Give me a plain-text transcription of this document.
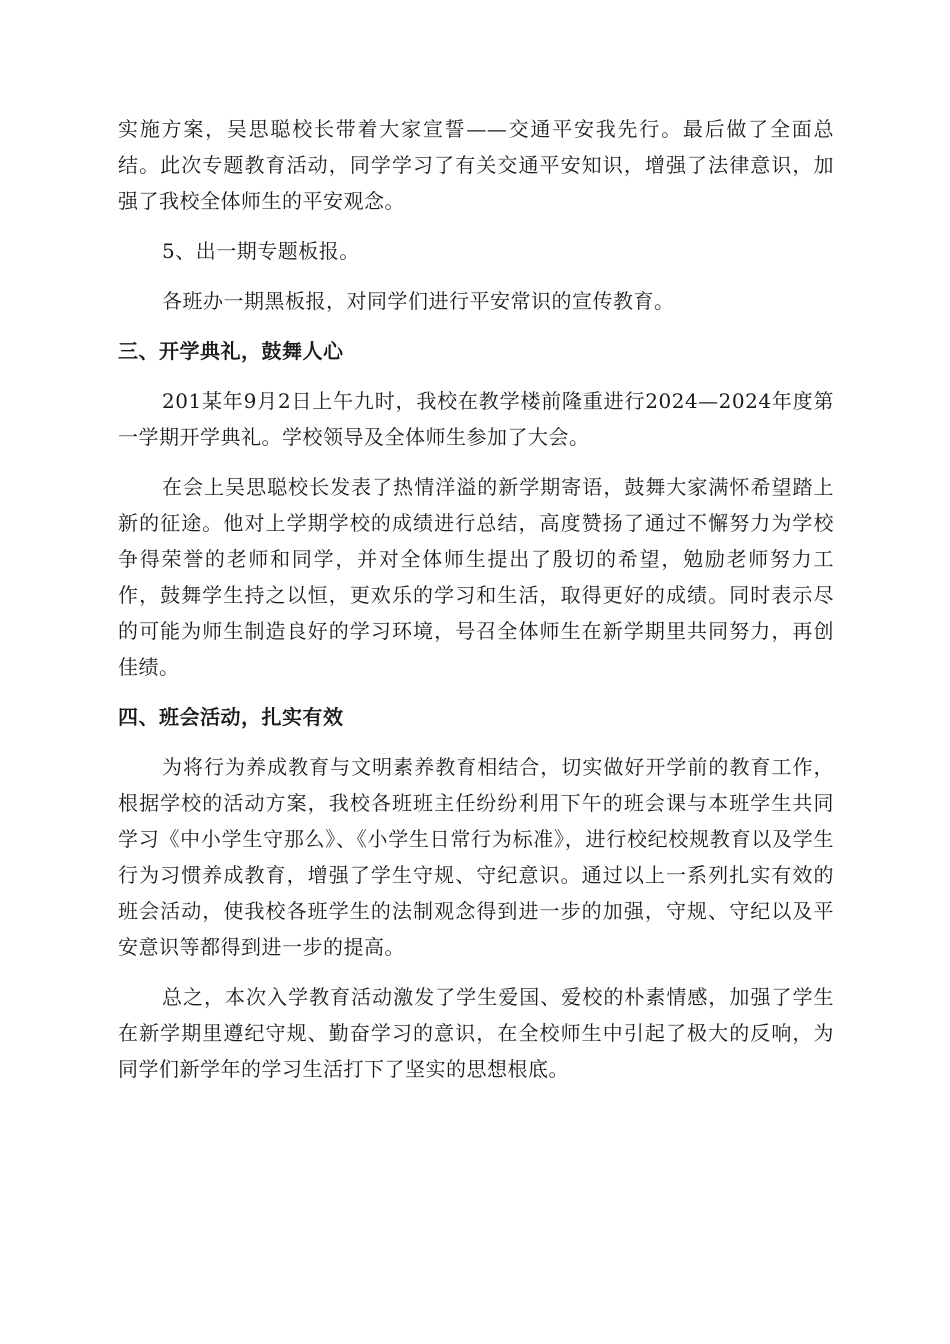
实施方案，吴思聪校长带着大家宣誓——交通平安我先行。最后做了全面总结。此次专题教育活动，同学学习了有关交通平安知识，增强了法律意识，加强了我校全体师生的平安观念。

5、出一期专题板报。

各班办一期黑板报，对同学们进行平安常识的宣传教育。

三、开学典礼，鼓舞人心

201某年9月2日上午九时，我校在教学楼前隆重进行2024—2024年度第一学期开学典礼。学校领导及全体师生参加了大会。

在会上吴思聪校长发表了热情洋溢的新学期寄语，鼓舞大家满怀希望踏上新的征途。他对上学期学校的成绩进行总结，高度赞扬了通过不懈努力为学校争得荣誉的老师和同学，并对全体师生提出了殷切的希望，勉励老师努力工作，鼓舞学生持之以恒，更欢乐的学习和生活，取得更好的成绩。同时表示尽的可能为师生制造良好的学习环境，号召全体师生在新学期里共同努力，再创佳绩。

四、班会活动，扎实有效

为将行为养成教育与文明素养教育相结合，切实做好开学前的教育工作，根据学校的活动方案，我校各班班主任纷纷利用下午的班会课与本班学生共同学习《中小学生守那么》、《小学生日常行为标准》，进行校纪校规教育以及学生行为习惯养成教育，增强了学生守规、守纪意识。通过以上一系列扎实有效的班会活动，使我校各班学生的法制观念得到进一步的加强，守规、守纪以及平安意识等都得到进一步的提高。

总之，本次入学教育活动激发了学生爱国、爱校的朴素情感，加强了学生在新学期里遵纪守规、勤奋学习的意识，在全校师生中引起了极大的反响，为同学们新学年的学习生活打下了坚实的思想根底。
